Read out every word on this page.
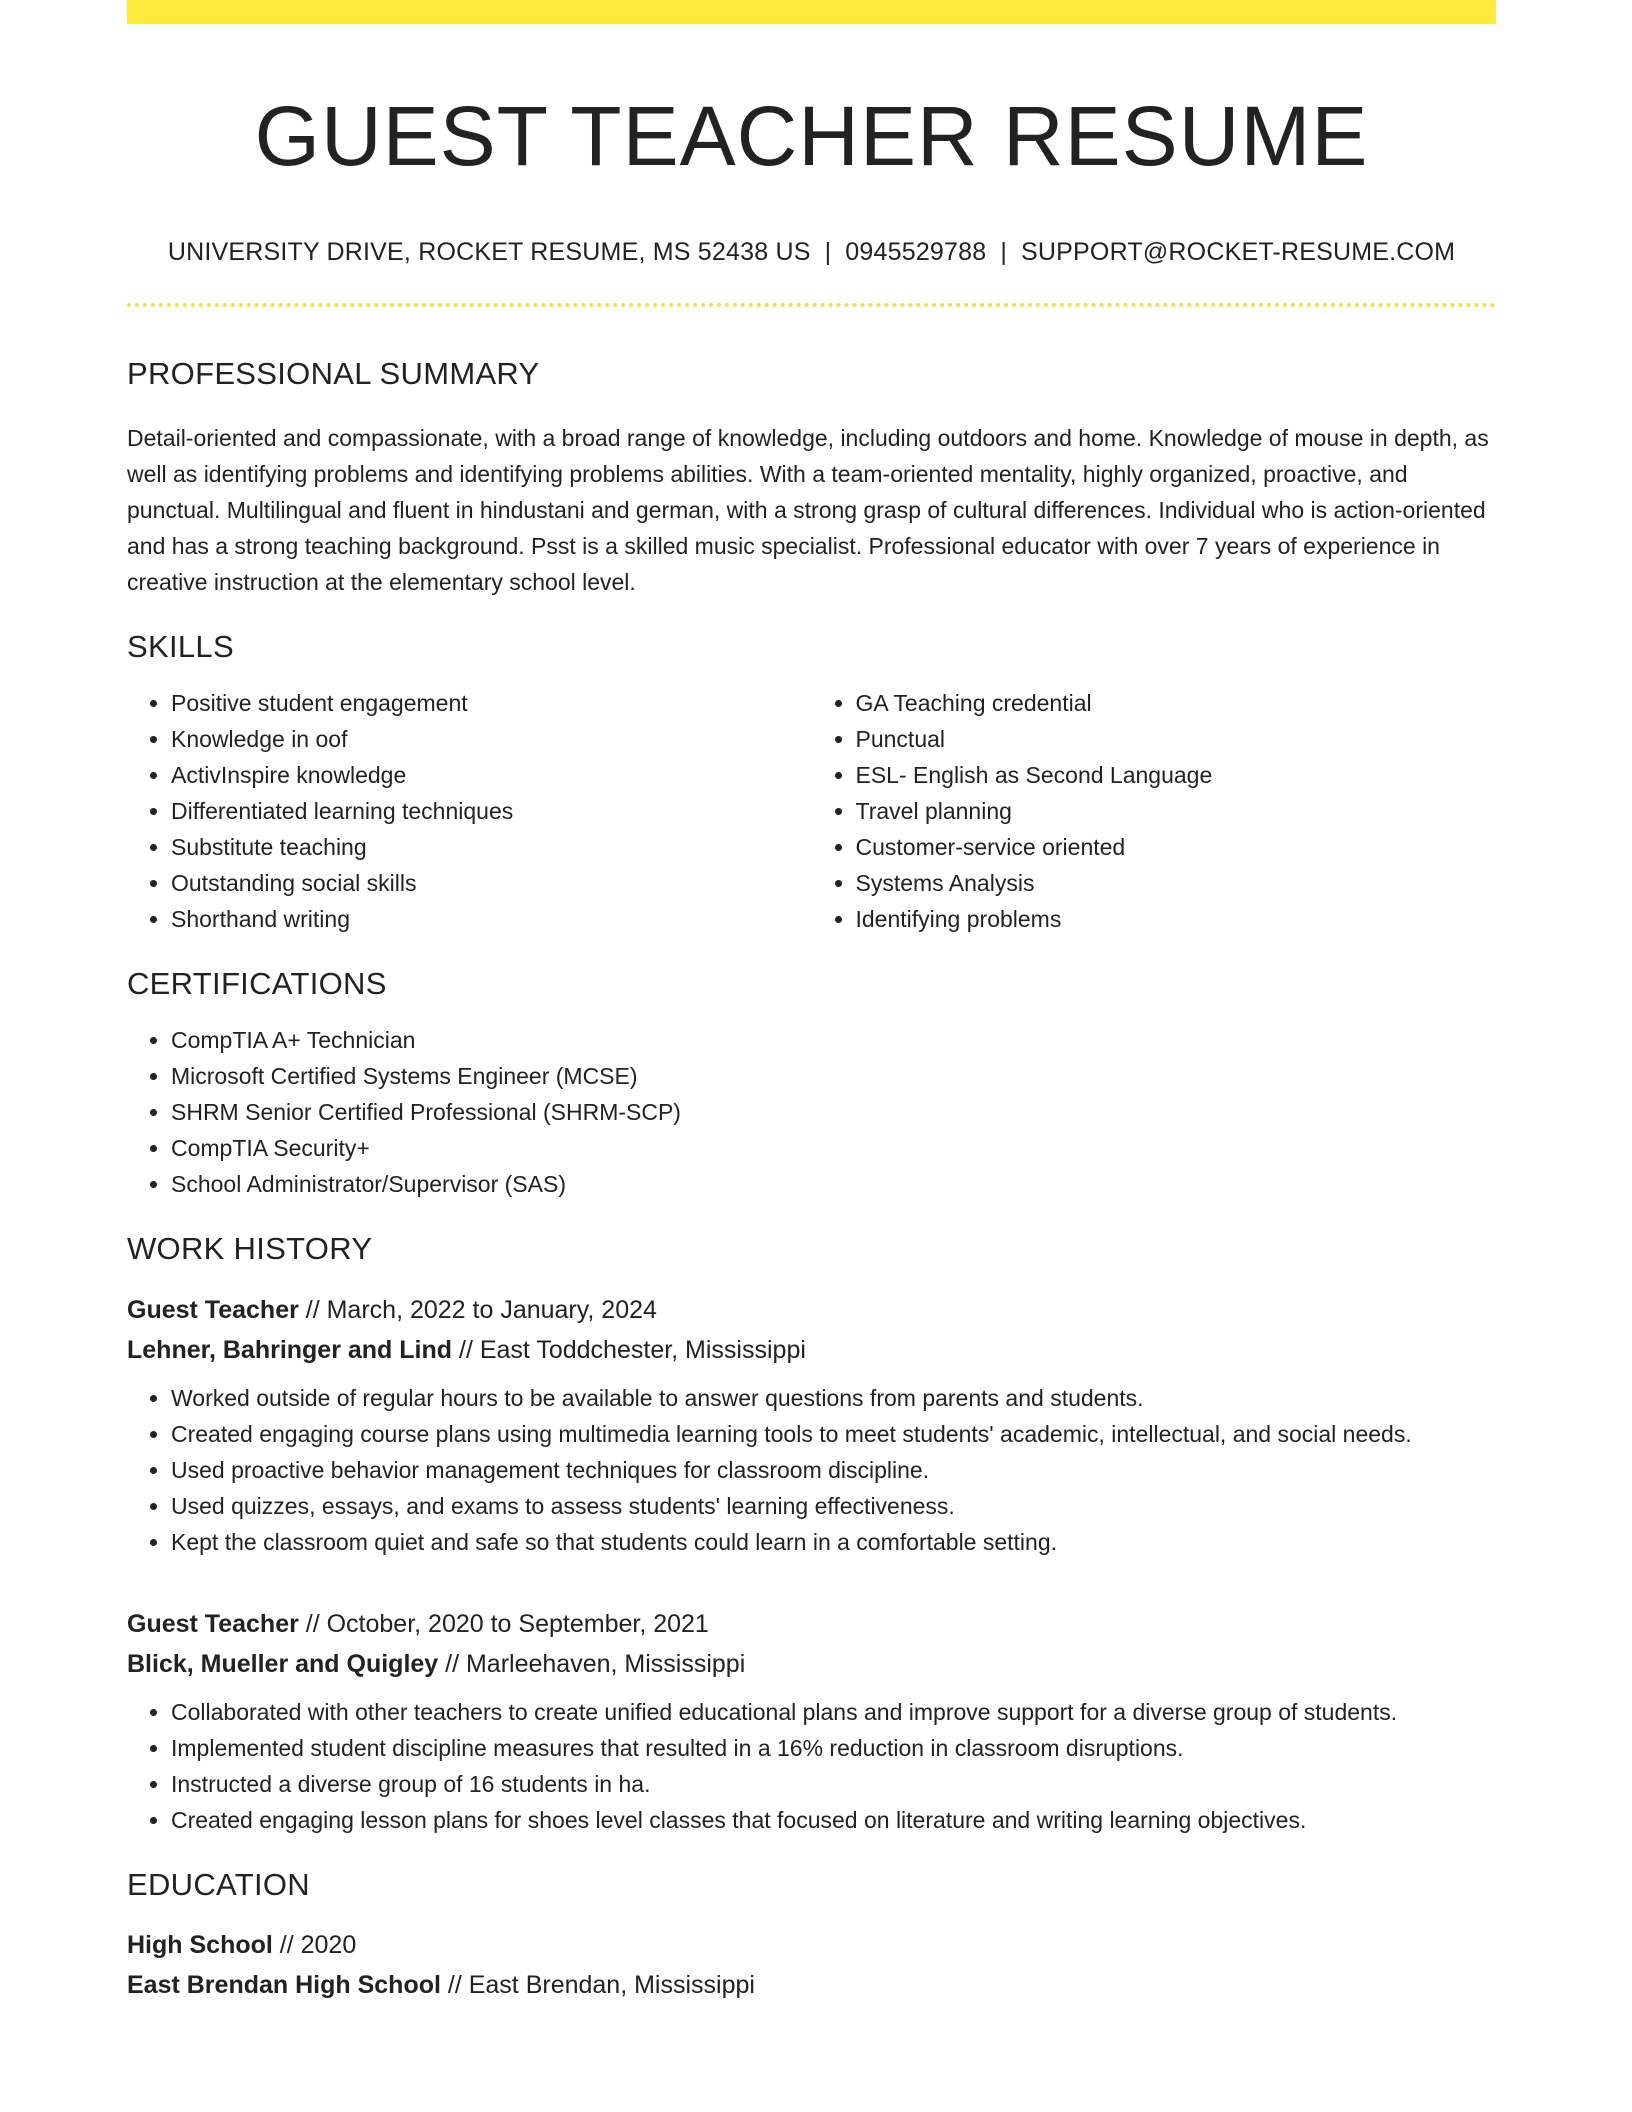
GUEST TEACHER RESUME
UNIVERSITY DRIVE, ROCKET RESUME, MS 52438 US | 0945529788 | SUPPORT@ROCKET-RESUME.COM
PROFESSIONAL SUMMARY

Detail-oriented and compassionate, with a broad range of knowledge, including outdoors and home. Knowledge of mouse in depth, as well as identifying problems and identifying problems abilities. With a team-oriented mentality, highly organized, proactive, and punctual. Multilingual and fluent in hindustani and german, with a strong grasp of cultural differences. Individual who is action-oriented and has a strong teaching background. Psst is a skilled music specialist. Professional educator with over 7 years of experience in creative instruction at the elementary school level.

SKILLS
• Positive student engagement
• Knowledge in oof
• ActivInspire knowledge
• Differentiated learning techniques
• Substitute teaching
• Outstanding social skills
• Shorthand writing
• GA Teaching credential
• Punctual
• ESL- English as Second Language
• Travel planning
• Customer-service oriented
• Systems Analysis
• Identifying problems
CERTIFICATIONS
• CompTIA A+ Technician
• Microsoft Certified Systems Engineer (MCSE)
• SHRM Senior Certified Professional (SHRM-SCP)
• CompTIA Security+
• School Administrator/Supervisor (SAS)
WORK HISTORY
Guest Teacher // March, 2022 to January, 2024
Lehner, Bahringer and Lind // East Toddchester, Mississippi
• Worked outside of regular hours to be available to answer questions from parents and students.
• Created engaging course plans using multimedia learning tools to meet students' academic, intellectual, and social needs.
• Used proactive behavior management techniques for classroom discipline.
• Used quizzes, essays, and exams to assess students' learning effectiveness.
• Kept the classroom quiet and safe so that students could learn in a comfortable setting.
Guest Teacher // October, 2020 to September, 2021
Blick, Mueller and Quigley // Marleehaven, Mississippi
• Collaborated with other teachers to create unified educational plans and improve support for a diverse group of students.
• Implemented student discipline measures that resulted in a 16% reduction in classroom disruptions.
• Instructed a diverse group of 16 students in ha.
• Created engaging lesson plans for shoes level classes that focused on literature and writing learning objectives.
EDUCATION
High School // 2020
East Brendan High School // East Brendan, Mississippi
